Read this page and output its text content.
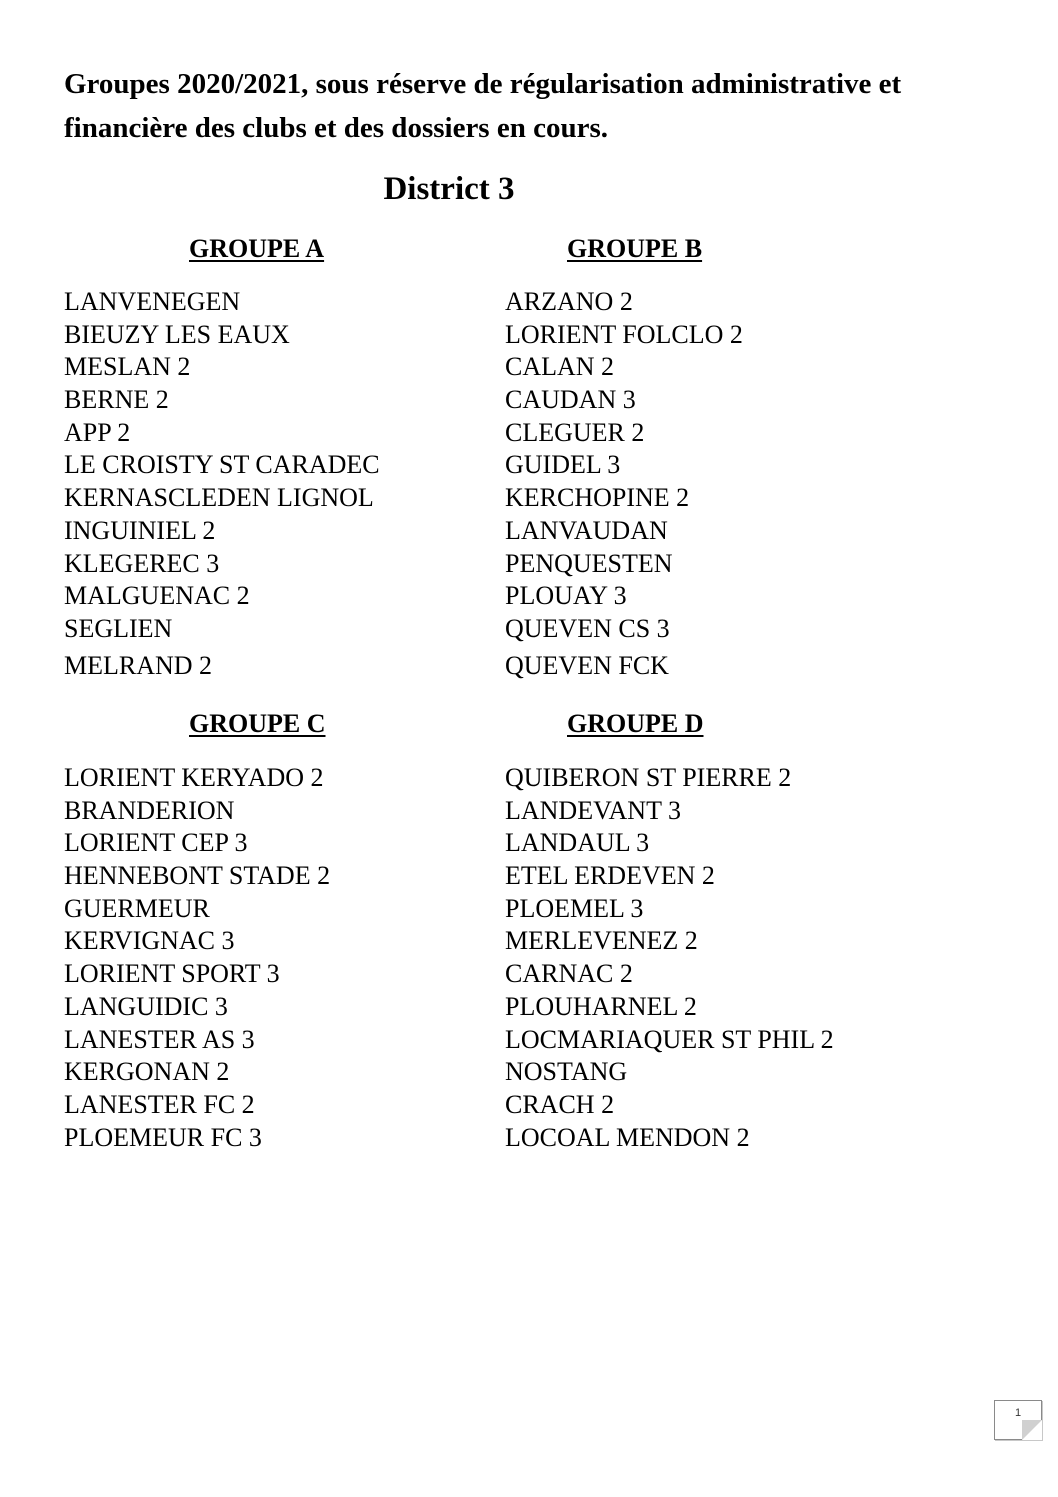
Groupes 2020/2021, sous réserve de régularisation administrative et financière des clubs et des dossiers en cours.
District 3
GROUPE A
LANVENEGEN
BIEUZY LES EAUX
MESLAN 2
BERNE 2
APP 2
LE CROISTY ST CARADEC
KERNASCLEDEN LIGNOL
INGUINIEL 2
KLEGEREC 3
MALGUENAC 2
SEGLIEN
MELRAND 2
GROUPE B
ARZANO 2
LORIENT FOLCLO 2
CALAN 2
CAUDAN 3
CLEGUER 2
GUIDEL 3
KERCHOPINE 2
LANVAUDAN
PENQUESTEN
PLOUAY 3
QUEVEN CS 3
QUEVEN FCK
GROUPE C
LORIENT KERYADO 2
BRANDERION
LORIENT CEP 3
HENNEBONT STADE 2
GUERMEUR
KERVIGNAC 3
LORIENT SPORT 3
LANGUIDIC 3
LANESTER AS 3
KERGONAN 2
LANESTER FC 2
PLOEMEUR FC 3
GROUPE D
QUIBERON ST PIERRE 2
LANDEVANT 3
LANDAUL 3
ETEL ERDEVEN 2
PLOEMEL 3
MERLEVENEZ 2
CARNAC 2
PLOUHARNEL 2
LOCMARIAQUER ST PHIL 2
NOSTANG
CRACH 2
LOCOAL MENDON 2
1
